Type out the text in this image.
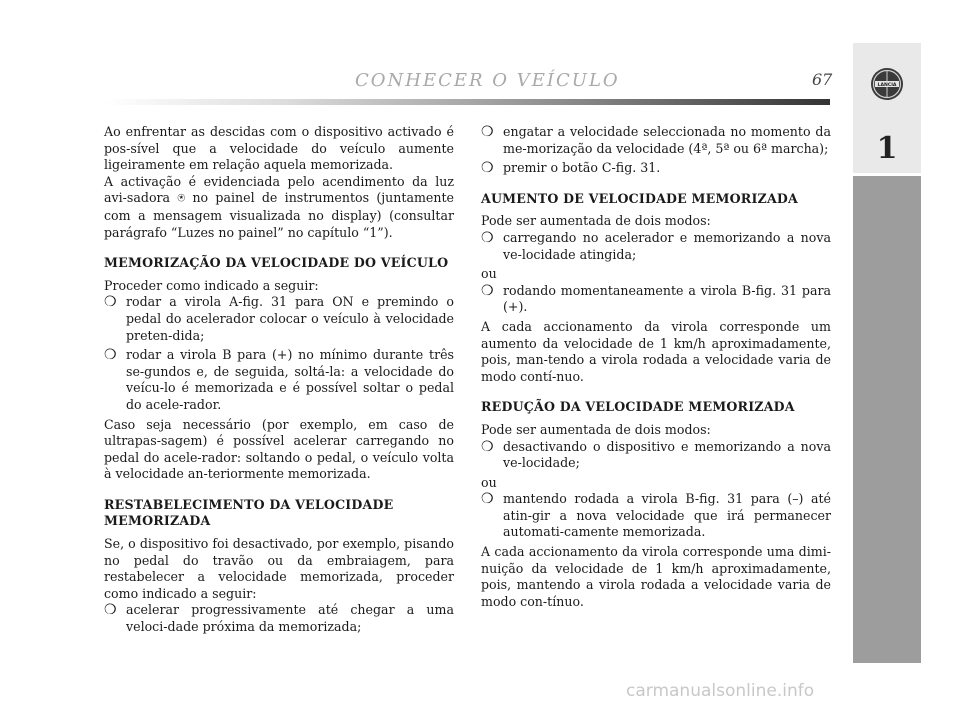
CONHECER O VEÍCULO	67	LANCIA
1

Ao enfrentar as descidas com o dispositivo activado é pos-sível que a velocidade do veículo aumente ligeiramente em relação aquela memorizada.

A activação é evidenciada pelo acendimento da luz avi-sadora ⍟ no painel de instrumentos (juntamente com a mensagem visualizada no display) (consultar parágrafo “Luzes no painel” no capítulo “1”).

MEMORIZAÇÃO DA VELOCIDADE DO VEÍCULO

Proceder como indicado a seguir:

❍ rodar a virola A-fig. 31 para ON e premindo o pedal do acelerador colocar o veículo à velocidade preten-dida;
❍ rodar a virola B para (+) no mínimo durante três se-gundos e, de seguida, soltá-la: a velocidade do veícu-lo é memorizada e é possível soltar o pedal do acele-rador.

Caso seja necessário (por exemplo, em caso de ultrapas-sagem) é possível acelerar carregando no pedal do acele-rador: soltando o pedal, o veículo volta à velocidade an-teriormente memorizada.

RESTABELECIMENTO DA VELOCIDADE MEMORIZADA

Se, o dispositivo foi desactivado, por exemplo, pisando no pedal do travão ou da embraiagem, para restabelecer a velocidade memorizada, proceder como indicado a seguir:

❍ acelerar progressivamente até chegar a uma veloci-dade próxima da memorizada;
❍ engatar a velocidade seleccionada no momento da me-morização da velocidade (4ª, 5ª ou 6ª marcha);
❍ premir o botão C-fig. 31.
AUMENTO DE VELOCIDADE MEMORIZADA

Pode ser aumentada de dois modos:

❍ carregando no acelerador e memorizando a nova ve-locidade atingida;

ou

❍ rodando momentaneamente a virola B-fig. 31 para (+).

A cada accionamento da virola corresponde um aumento da velocidade de 1 km/h aproximadamente, pois, man-tendo a virola rodada a velocidade varia de modo contí-nuo.

REDUÇÃO DA VELOCIDADE MEMORIZADA

Pode ser aumentada de dois modos:

❍ desactivando o dispositivo e memorizando a nova ve-locidade;

ou

❍ mantendo rodada a virola B-fig. 31 para (–) até atin-gir a nova velocidade que irá permanecer automati-camente memorizada.

A cada accionamento da virola corresponde uma dimi-nuição da velocidade de 1 km/h aproximadamente, pois, mantendo a virola rodada a velocidade varia de modo con-tínuo.

carmanualsonline.info
